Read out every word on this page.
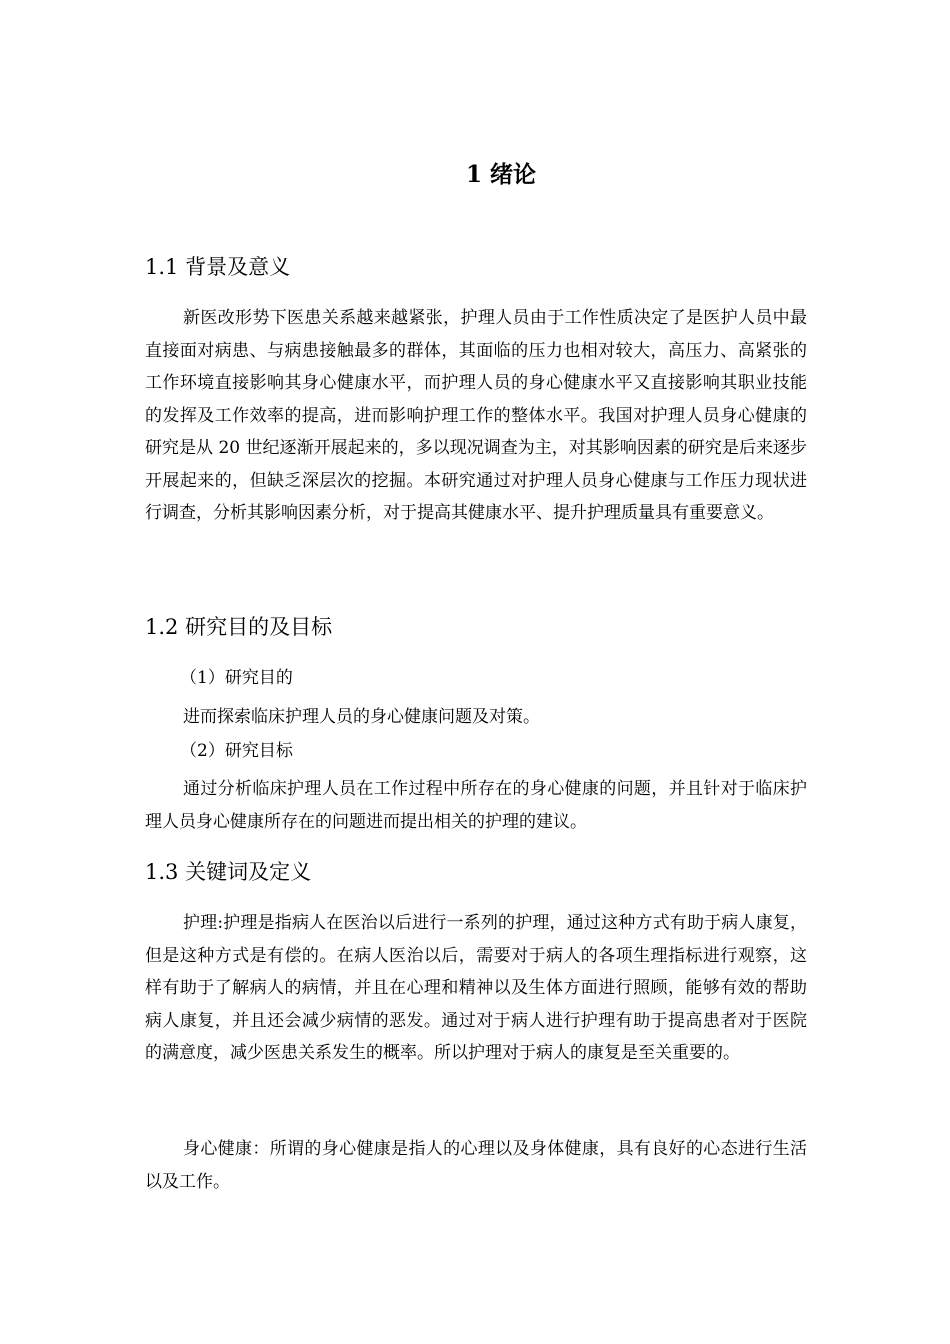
1 绪论
1.1 背景及意义
新医改形势下医患关系越来越紧张，护理人员由于工作性质决定了是医护人员中最直接面对病患、与病患接触最多的群体，其面临的压力也相对较大，高压力、高紧张的工作环境直接影响其身心健康水平，而护理人员的身心健康水平又直接影响其职业技能的发挥及工作效率的提高，进而影响护理工作的整体水平。我国对护理人员身心健康的研究是从 20 世纪逐渐开展起来的，多以现况调查为主，对其影响因素的研究是后来逐步开展起来的，但缺乏深层次的挖掘。本研究通过对护理人员身心健康与工作压力现状进行调查，分析其影响因素分析，对于提高其健康水平、提升护理质量具有重要意义。
1.2 研究目的及目标
（1）研究目的
进而探索临床护理人员的身心健康问题及对策。
（2）研究目标
通过分析临床护理人员在工作过程中所存在的身心健康的问题，并且针对于临床护理人员身心健康所存在的问题进而提出相关的护理的建议。
1.3 关键词及定义
护理:护理是指病人在医治以后进行一系列的护理，通过这种方式有助于病人康复，但是这种方式是有偿的。在病人医治以后，需要对于病人的各项生理指标进行观察，这样有助于了解病人的病情，并且在心理和精神以及生体方面进行照顾，能够有效的帮助病人康复，并且还会减少病情的恶发。通过对于病人进行护理有助于提高患者对于医院的满意度，减少医患关系发生的概率。所以护理对于病人的康复是至关重要的。
身心健康：所谓的身心健康是指人的心理以及身体健康，具有良好的心态进行生活以及工作。
